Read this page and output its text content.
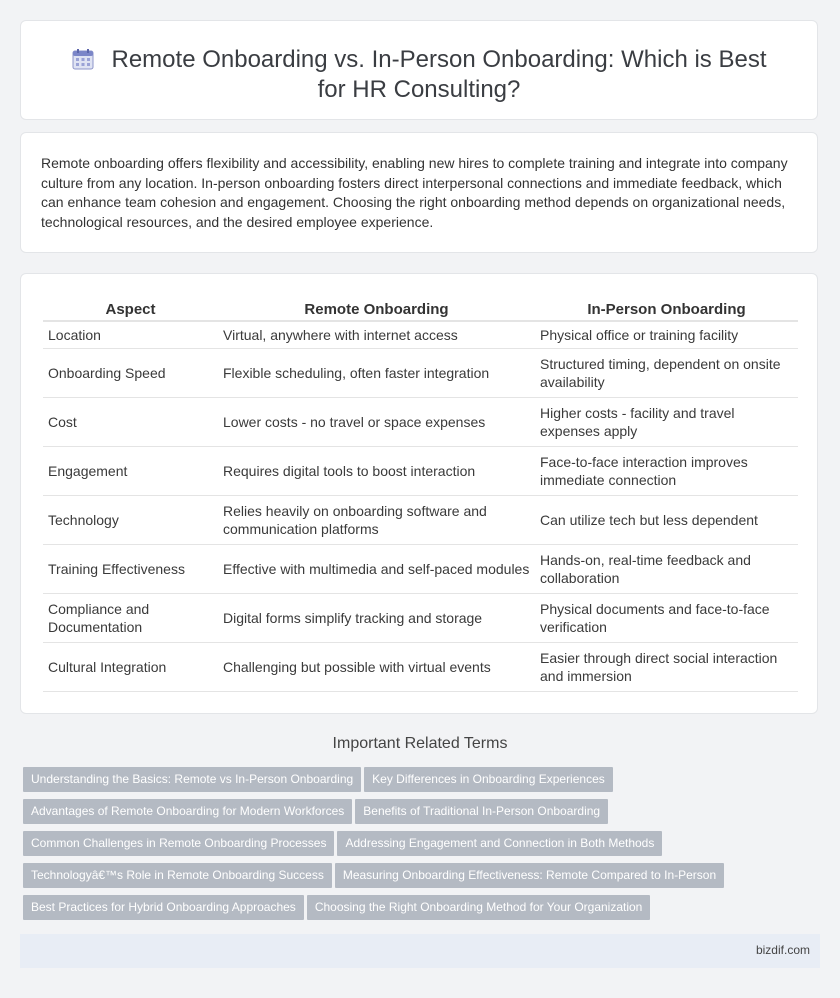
Remote Onboarding vs. In-Person Onboarding: Which is Best for HR Consulting?

Remote onboarding offers flexibility and accessibility, enabling new hires to complete training and integrate into company culture from any location. In-person onboarding fosters direct interpersonal connections and immediate feedback, which can enhance team cohesion and engagement. Choosing the right onboarding method depends on organizational needs, technological resources, and the desired employee experience.

Aspect	Remote Onboarding	In-Person Onboarding
Location	Virtual, anywhere with internet access	Physical office or training facility
Onboarding Speed	Flexible scheduling, often faster integration	Structured timing, dependent on onsite availability
Cost	Lower costs - no travel or space expenses	Higher costs - facility and travel expenses apply
Engagement	Requires digital tools to boost interaction	Face-to-face interaction improves immediate connection
Technology	Relies heavily on onboarding software and communication platforms	Can utilize tech but less dependent
Training Effectiveness	Effective with multimedia and self-paced modules	Hands-on, real-time feedback and collaboration
Compliance and Documentation	Digital forms simplify tracking and storage	Physical documents and face-to-face verification
Cultural Integration	Challenging but possible with virtual events	Easier through direct social interaction and immersion
Important Related Terms
Understanding the Basics: Remote vs In-Person Onboarding Key Differences in Onboarding Experiences
Advantages of Remote Onboarding for Modern Workforces Benefits of Traditional In-Person Onboarding
Common Challenges in Remote Onboarding Processes Addressing Engagement and Connection in Both Methods
Technologyâ€™s Role in Remote Onboarding Success Measuring Onboarding Effectiveness: Remote Compared to In-Person
Best Practices for Hybrid Onboarding Approaches Choosing the Right Onboarding Method for Your Organization
bizdif.com
